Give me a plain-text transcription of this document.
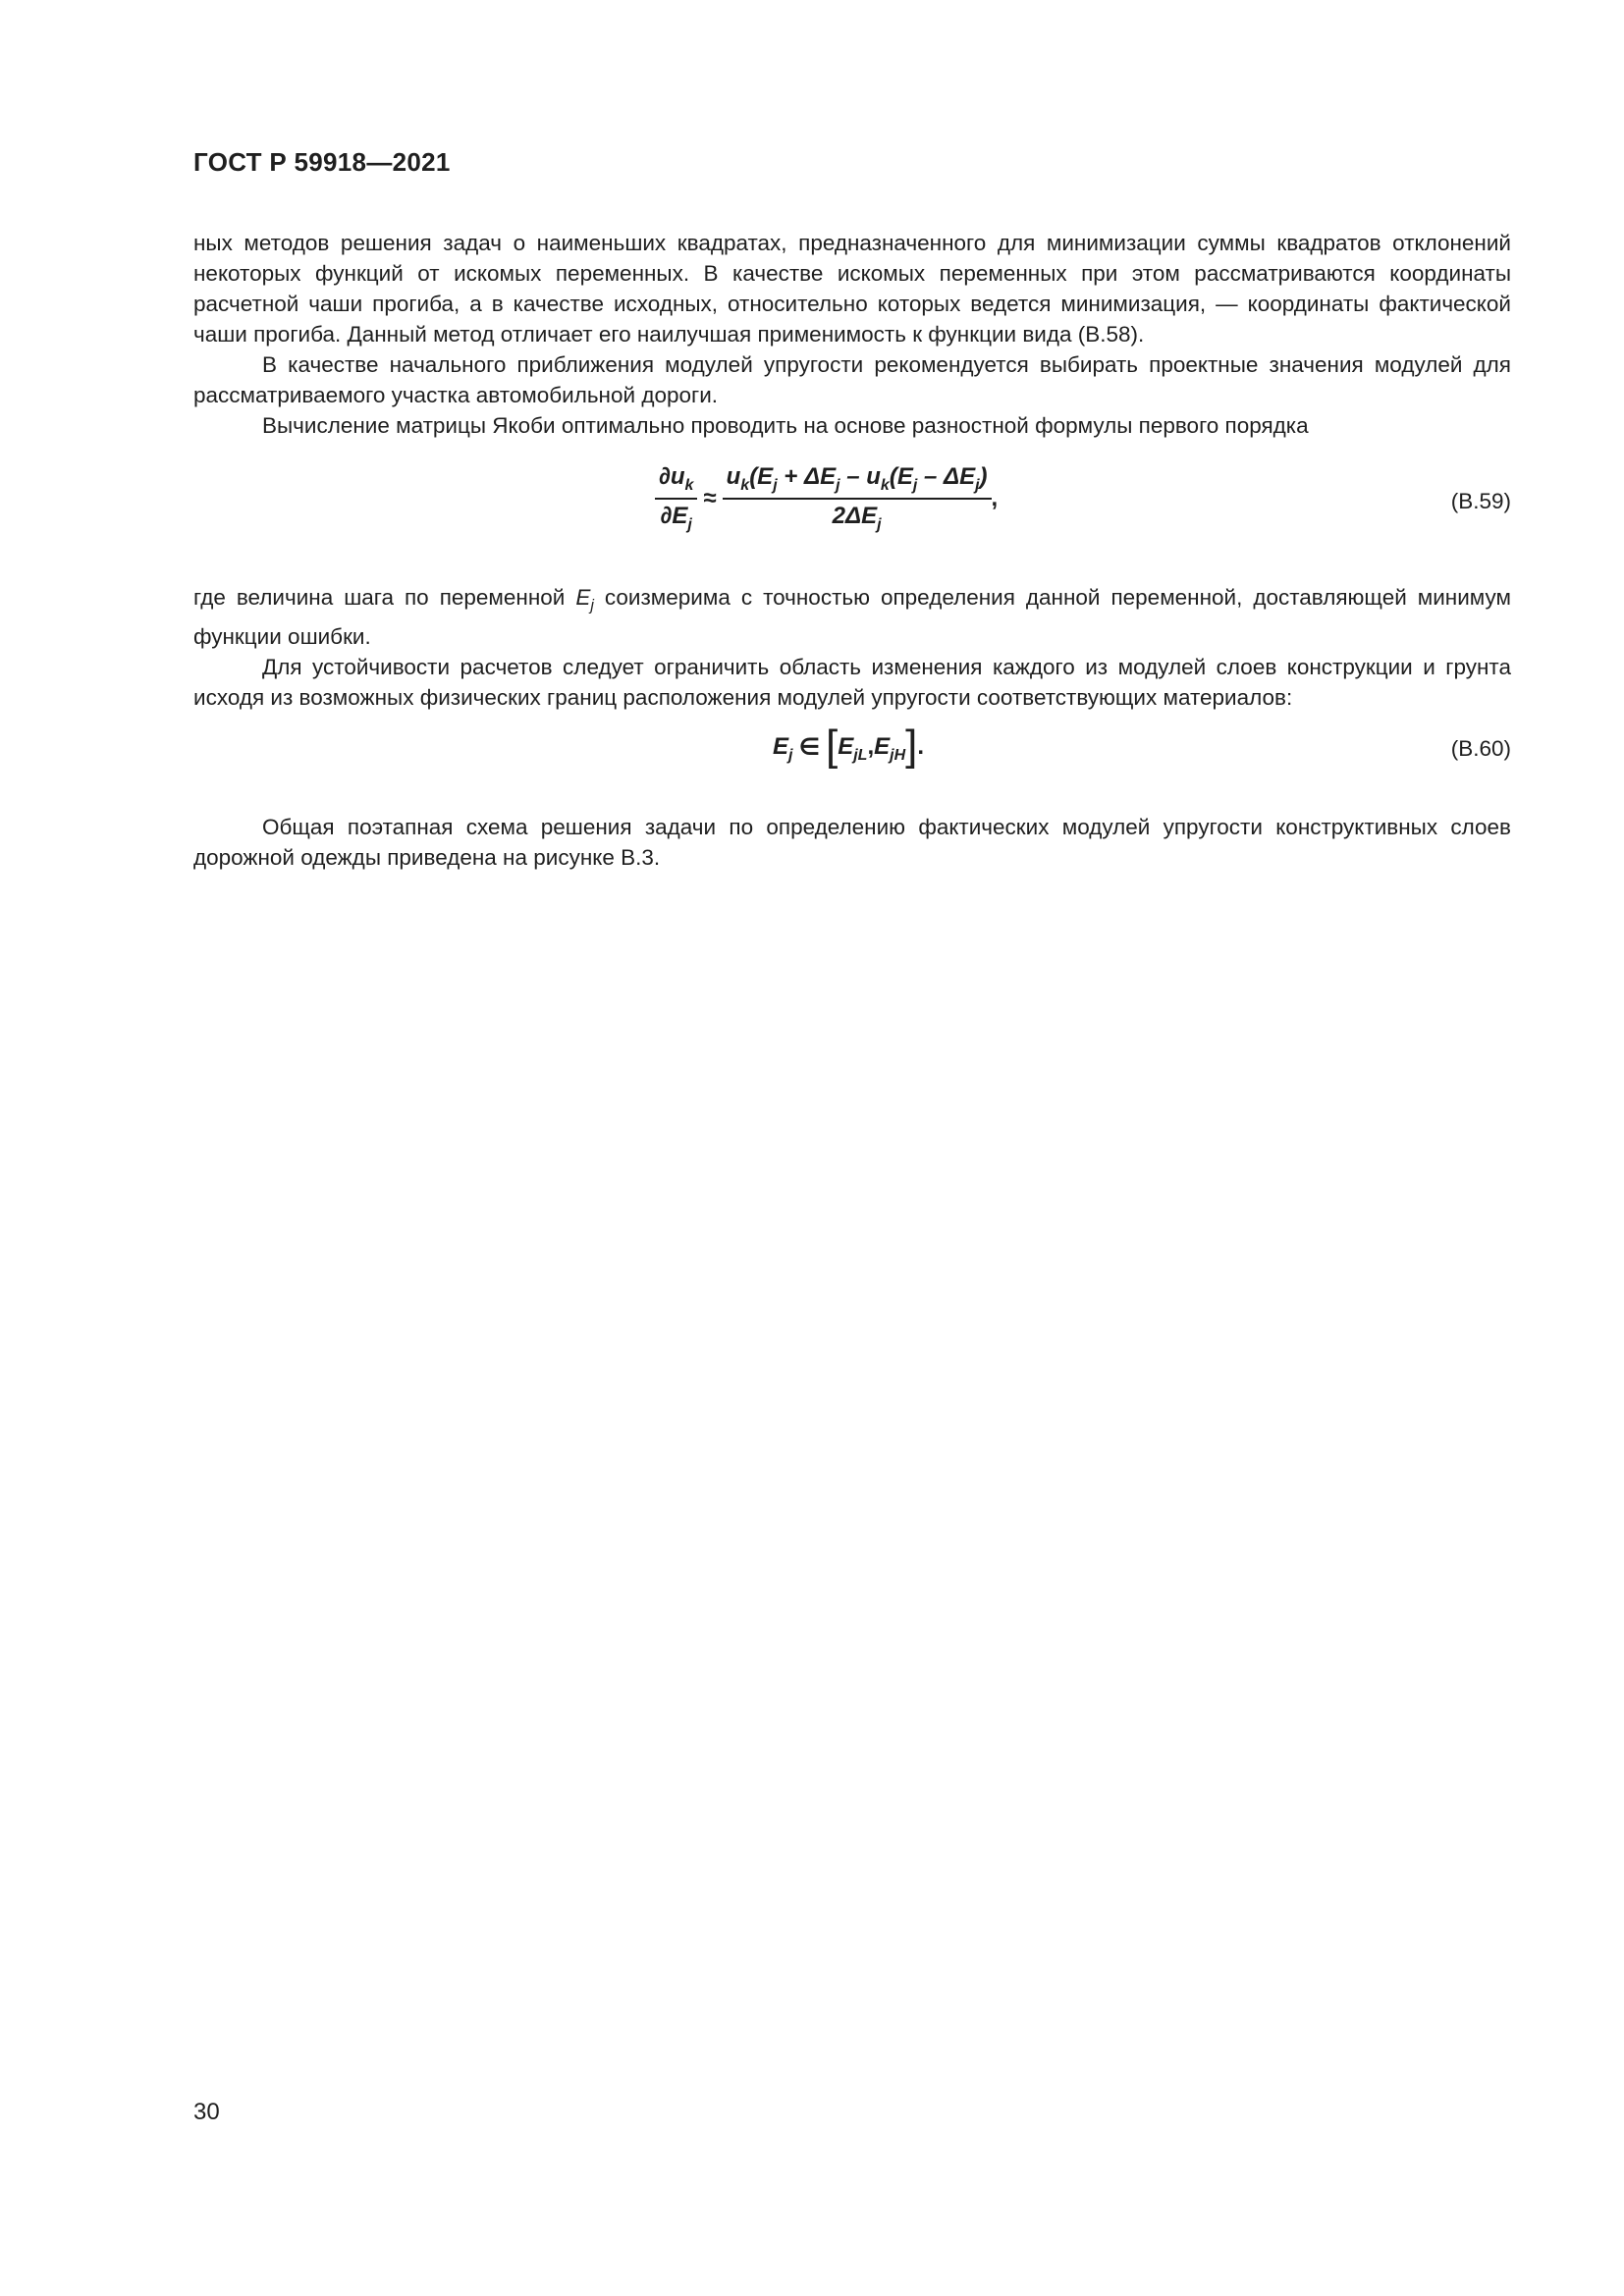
ГОСТ Р 59918—2021

ных методов решения задач о наименьших квадратах, предназначенного для минимизации суммы квадратов отклонений некоторых функций от искомых переменных. В качестве искомых переменных при этом рассматриваются координаты расчетной чаши прогиба, а в качестве исходных, относительно которых ведется минимизация, — координаты фактической чаши прогиба. Данный метод отличает его наилучшая применимость к функции вида (В.58).

В качестве начального приближения модулей упругости рекомендуется выбирать проектные значения модулей для рассматриваемого участка автомобильной дороги.

Вычисление матрицы Якоби оптимально проводить на основе разностной формулы первого порядка

$\frac{\partial u_k}{\partial E_j} \approx \frac{u_k(E_j + \Delta E_j - u_k(E_j - \Delta E_j)}{2\Delta E_j}$ ,	(В.59)

где величина шага по переменной $E_j$ соизмерима с точностью определения данной переменной, доставляющей минимум функции ошибки.

Для устойчивости расчетов следует ограничить область изменения каждого из модулей слоев конструкции и грунта исходя из возможных физических границ расположения модулей упругости соответствующих материалов:

$E_j$ ∈ $[E_{jL},E_{jH}]$.	(В.60)

Общая поэтапная схема решения задачи по определению фактических модулей упругости конструктивных слоев дорожной одежды приведена на рисунке В.3.

30
